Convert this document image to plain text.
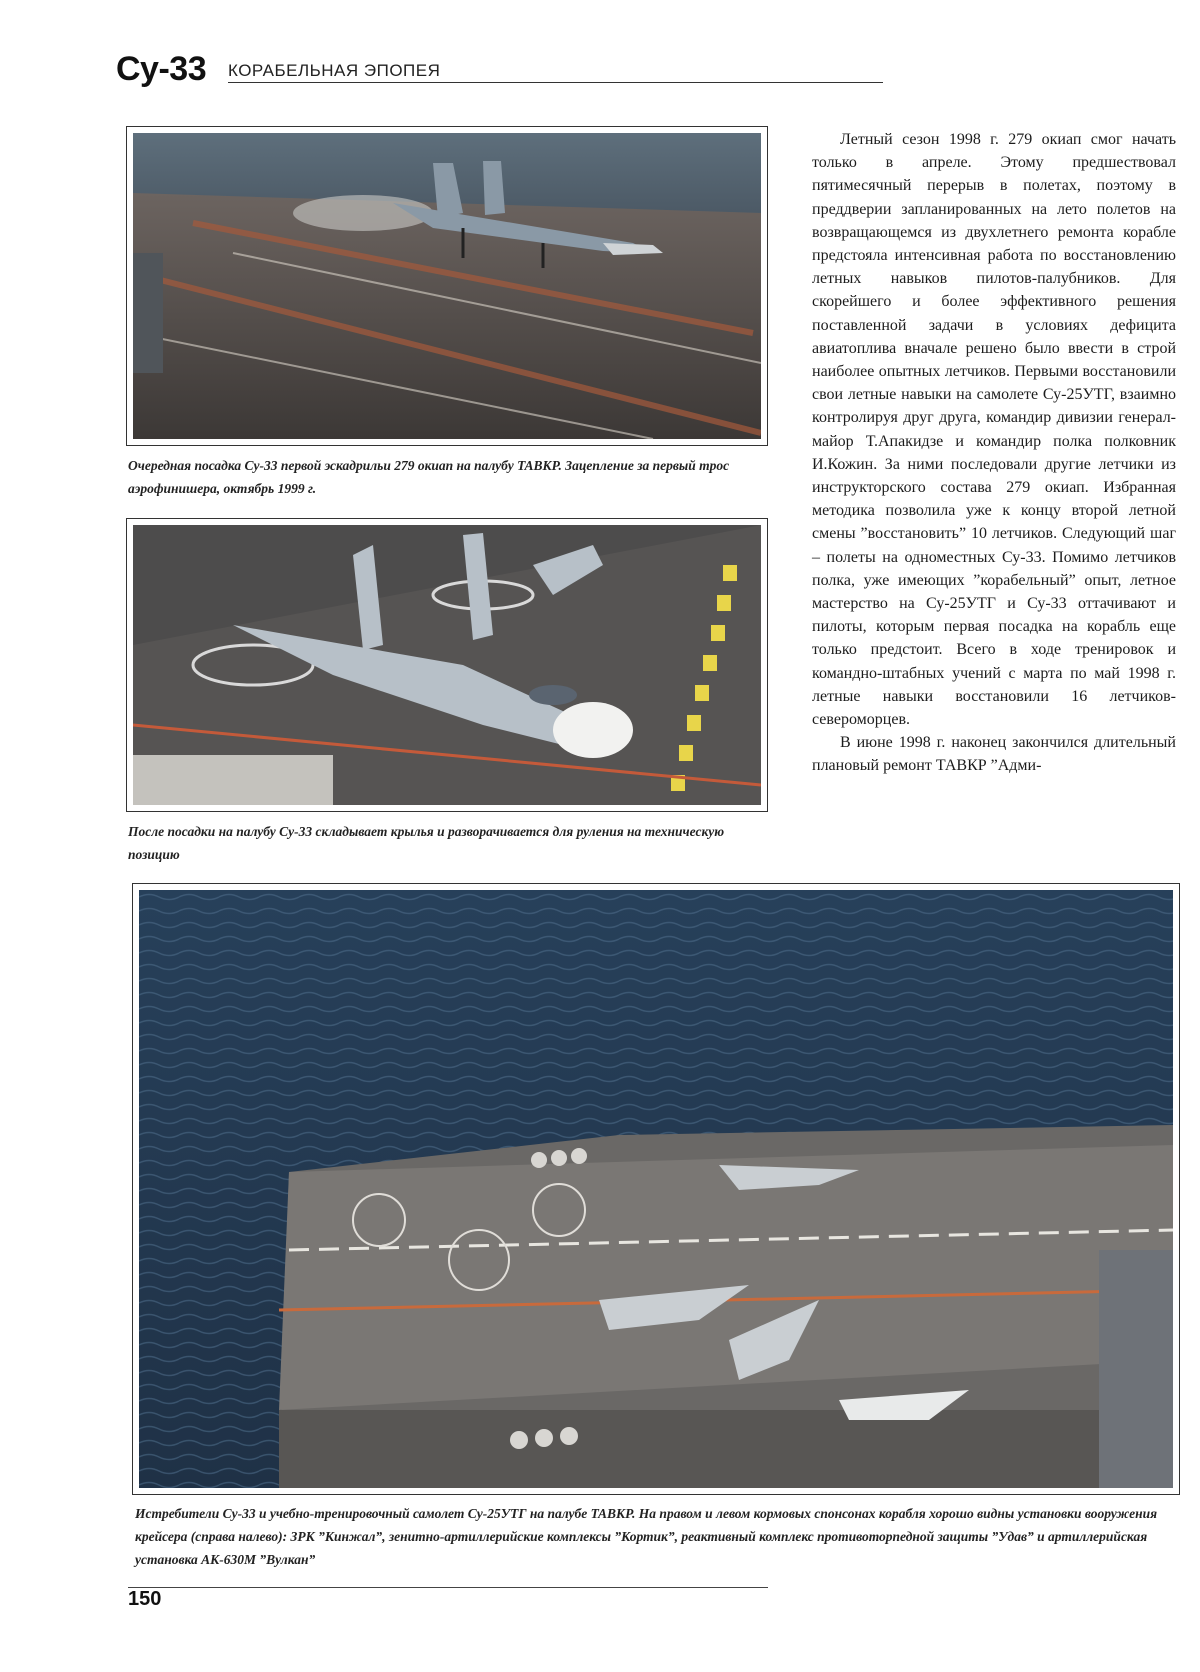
Су-33 КОРАБЕЛЬНАЯ ЭПОПЕЯ
Очередная посадка Су-33 первой эскадрильи 279 окиап на палубу ТАВКР. Зацепление за первый трос аэрофинишера, октябрь 1999 г.
После посадки на палубу Су-33 складывает крылья и разворачивается для руления на техническую позицию

Летный сезон 1998 г. 279 окиап смог начать только в апреле. Этому предшествовал пятимесячный перерыв в полетах, поэтому в преддверии запланированных на лето полетов на возвращающемся из двухлетнего ремонта корабле предстояла интенсивная работа по восстановлению летных навыков пилотов-палубников. Для скорейшего и более эффективного решения поставленной задачи в условиях дефицита авиатоплива вначале решено было ввести в строй наиболее опытных летчиков. Первыми восстановили свои летные навыки на самолете Су-25УТГ, взаимно контролируя друг друга, командир дивизии генерал-майор Т.Апакидзе и командир полка полковник И.Кожин. За ними последовали другие летчики из инструкторского состава 279 окиап. Избранная методика позволила уже к концу второй летной смены ”восстановить” 10 летчиков. Следующий шаг – полеты на одноместных Су-33. Помимо летчиков полка, уже имеющих ”корабельный” опыт, летное мастерство на Су-25УТГ и Су-33 оттачивают и пилоты, которым первая посадка на корабль еще только предстоит. Всего в ходе тренировок и командно-штабных учений с марта по май 1998 г. летные навыки восстановили 16 летчиков-североморцев.

В июне 1998 г. наконец закончился длительный плановый ремонт ТАВКР ”Адми-

Истребители Су-33 и учебно-тренировочный самолет Су-25УТГ на палубе ТАВКР. На правом и левом кормовых спонсонах корабля хорошо видны установки вооружения крейсера (справа налево): ЗРК ”Кинжал”, зенитно-артиллерийские комплексы ”Кортик”, реактивный комплекс противоторпедной защиты ”Удав” и артиллерийская установка АК-630М ”Вулкан”
150
